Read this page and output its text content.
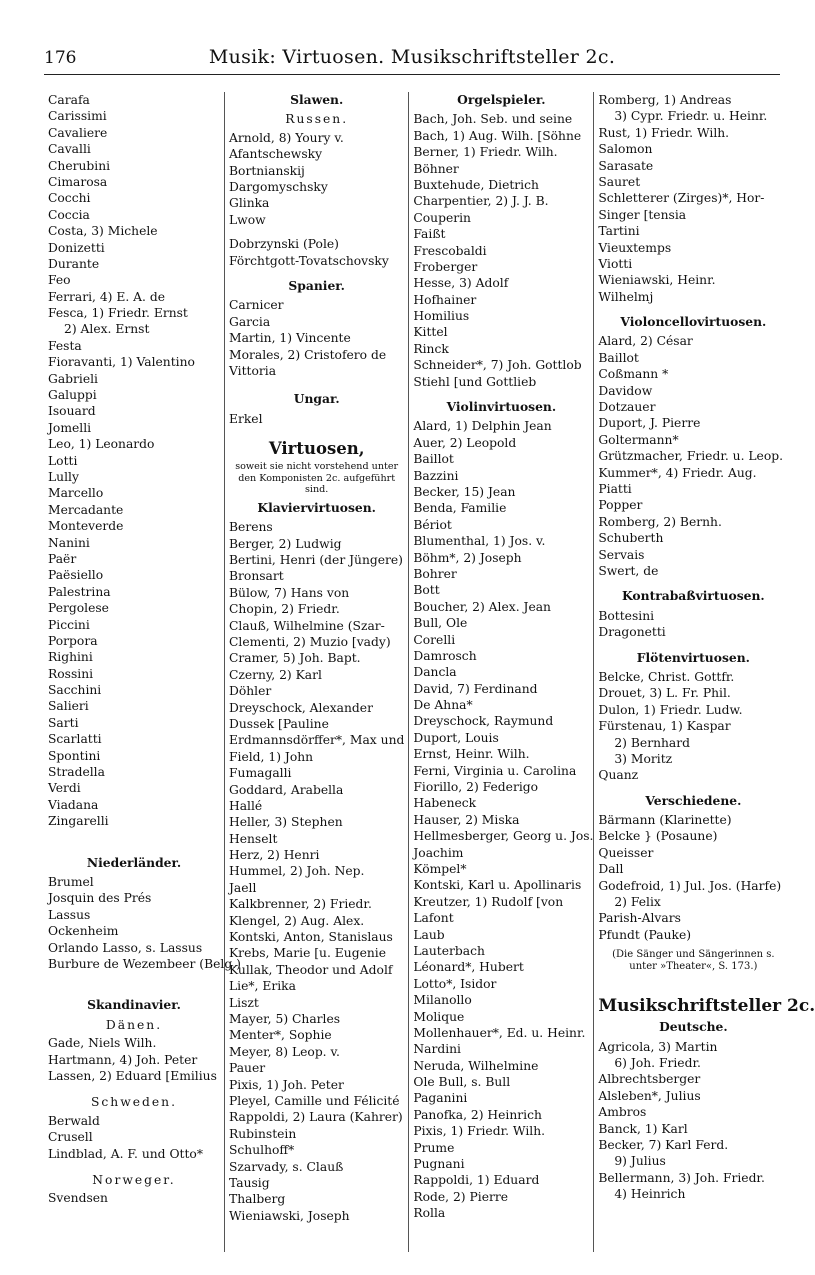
176	Musik: Virtuosen. Musikschriftsteller 2c.
Carafa
Carissimi
Cavaliere
Cavalli
Cherubini
Cimarosa
Cocchi
Coccia
Costa, 3) Michele
Donizetti
Durante
Feo
Ferrari, 4) E. A. de
Fesca, 1) Friedr. Ernst
2) Alex. Ernst
Festa
Fioravanti, 1) Valentino
Gabrieli
Galuppi
Isouard
Jomelli
Leo, 1) Leonardo
Lotti
Lully
Marcello
Mercadante
Monteverde
Nanini
Paër
Paësiello
Palestrina
Pergolese
Piccini
Porpora
Righini
Rossini
Sacchini
Salieri
Sarti
Scarlatti
Spontini
Stradella
Verdi
Viadana
Zingarelli
Niederländer.
Brumel
Josquin des Prés
Lassus
Ockenheim
Orlando Lasso, s. Lassus
Burbure de Wezembeer (Belg.)
Skandinavier.
Dänen.
Gade, Niels Wilh.
Hartmann, 4) Joh. Peter
Lassen, 2) Eduard [Emilius
Schweden.
Berwald
Crusell
Lindblad, A. F. und Otto*
Norweger.
Svendsen
Slawen.
Russen.
Arnold, 8) Youry v.
Afantschewsky
Bortnianskij
Dargomyschsky
Glinka
Lwow
Dobrzynski (Pole)
Förchtgott-Tovatschovsky
Spanier.
Carnicer
Garcia
Martin, 1) Vincente
Morales, 2) Cristofero de
Vittoria
Ungar.
Erkel
Virtuosen,
soweit sie nicht vorstehend unter den Komponisten 2c. aufgeführt sind.
Klaviervirtuosen.
Berens
Berger, 2) Ludwig
Bertini, Henri (der Jüngere)
Bronsart
Bülow, 7) Hans von
Chopin, 2) Friedr.
Clauß, Wilhelmine (Szar-
Clementi, 2) Muzio [vady)
Cramer, 5) Joh. Bapt.
Czerny, 2) Karl
Döhler
Dreyschock, Alexander
Dussek [Pauline
Erdmannsdörffer*, Max und
Field, 1) John
Fumagalli
Goddard, Arabella
Hallé
Heller, 3) Stephen
Henselt
Herz, 2) Henri
Hummel, 2) Joh. Nep.
Jaell
Kalkbrenner, 2) Friedr.
Klengel, 2) Aug. Alex.
Kontski, Anton, Stanislaus
Krebs, Marie [u. Eugenie
Kullak, Theodor und Adolf
Lie*, Erika
Liszt
Mayer, 5) Charles
Menter*, Sophie
Meyer, 8) Leop. v.
Pauer
Pixis, 1) Joh. Peter
Pleyel, Camille und Félicité
Rappoldi, 2) Laura (Kahrer)
Rubinstein
Schulhoff*
Szarvady, s. Clauß
Tausig
Thalberg
Wieniawski, Joseph
Orgelspieler.
Bach, Joh. Seb. und seine
Bach, 1) Aug. Wilh. [Söhne
Berner, 1) Friedr. Wilh.
Böhner
Buxtehude, Dietrich
Charpentier, 2) J. J. B.
Couperin
Faißt
Frescobaldi
Froberger
Hesse, 3) Adolf
Hofhainer
Homilius
Kittel
Rinck
Schneider*, 7) Joh. Gottlob
Stiehl [und Gottlieb
Violinvirtuosen.
Alard, 1) Delphin Jean
Auer, 2) Leopold
Baillot
Bazzini
Becker, 15) Jean
Benda, Familie
Bériot
Blumenthal, 1) Jos. v.
Böhm*, 2) Joseph
Bohrer
Bott
Boucher, 2) Alex. Jean
Bull, Ole
Corelli
Damrosch
Dancla
David, 7) Ferdinand
De Ahna*
Dreyschock, Raymund
Duport, Louis
Ernst, Heinr. Wilh.
Ferni, Virginia u. Carolina
Fiorillo, 2) Federigo
Habeneck
Hauser, 2) Miska
Hellmesberger, Georg u. Jos.
Joachim
Kömpel*
Kontski, Karl u. Apollinaris
Kreutzer, 1) Rudolf [von
Lafont
Laub
Lauterbach
Léonard*, Hubert
Lotto*, Isidor
Milanollo
Molique
Mollenhauer*, Ed. u. Heinr.
Nardini
Neruda, Wilhelmine
Ole Bull, s. Bull
Paganini
Panofka, 2) Heinrich
Pixis, 1) Friedr. Wilh.
Prume
Pugnani
Rappoldi, 1) Eduard
Rode, 2) Pierre
Rolla
Romberg, 1) Andreas
3) Cypr. Friedr. u. Heinr.
Rust, 1) Friedr. Wilh.
Salomon
Sarasate
Sauret
Schletterer (Zirges)*, Hor-
Singer [tensia
Tartini
Vieuxtemps
Viotti
Wieniawski, Heinr.
Wilhelmj
Violoncellovirtuosen.
Alard, 2) César
Baillot
Coßmann *
Davidow
Dotzauer
Duport, J. Pierre
Goltermann*
Grützmacher, Friedr. u. Leop.
Kummer*, 4) Friedr. Aug.
Piatti
Popper
Romberg, 2) Bernh.
Schuberth
Servais
Swert, de
Kontrabaßvirtuosen.
Bottesini
Dragonetti
Flötenvirtuosen.
Belcke, Christ. Gottfr.
Drouet, 3) L. Fr. Phil.
Dulon, 1) Friedr. Ludw.
Fürstenau, 1) Kaspar
2) Bernhard
3) Moritz
Quanz
Verschiedene.
Bärmann (Klarinette)
Belcke } (Posaune)
Queisser
Dall
Godefroid, 1) Jul. Jos. (Harfe)
2) Felix
Parish-Alvars
Pfundt (Pauke)
(Die Sänger und Sängerinnen s. unter »Theater«, S. 173.)
Musikschriftsteller 2c.
Deutsche.
Agricola, 3) Martin
6) Joh. Friedr.
Albrechtsberger
Alsleben*, Julius
Ambros
Banck, 1) Karl
Becker, 7) Karl Ferd.
9) Julius
Bellermann, 3) Joh. Friedr.
4) Heinrich
